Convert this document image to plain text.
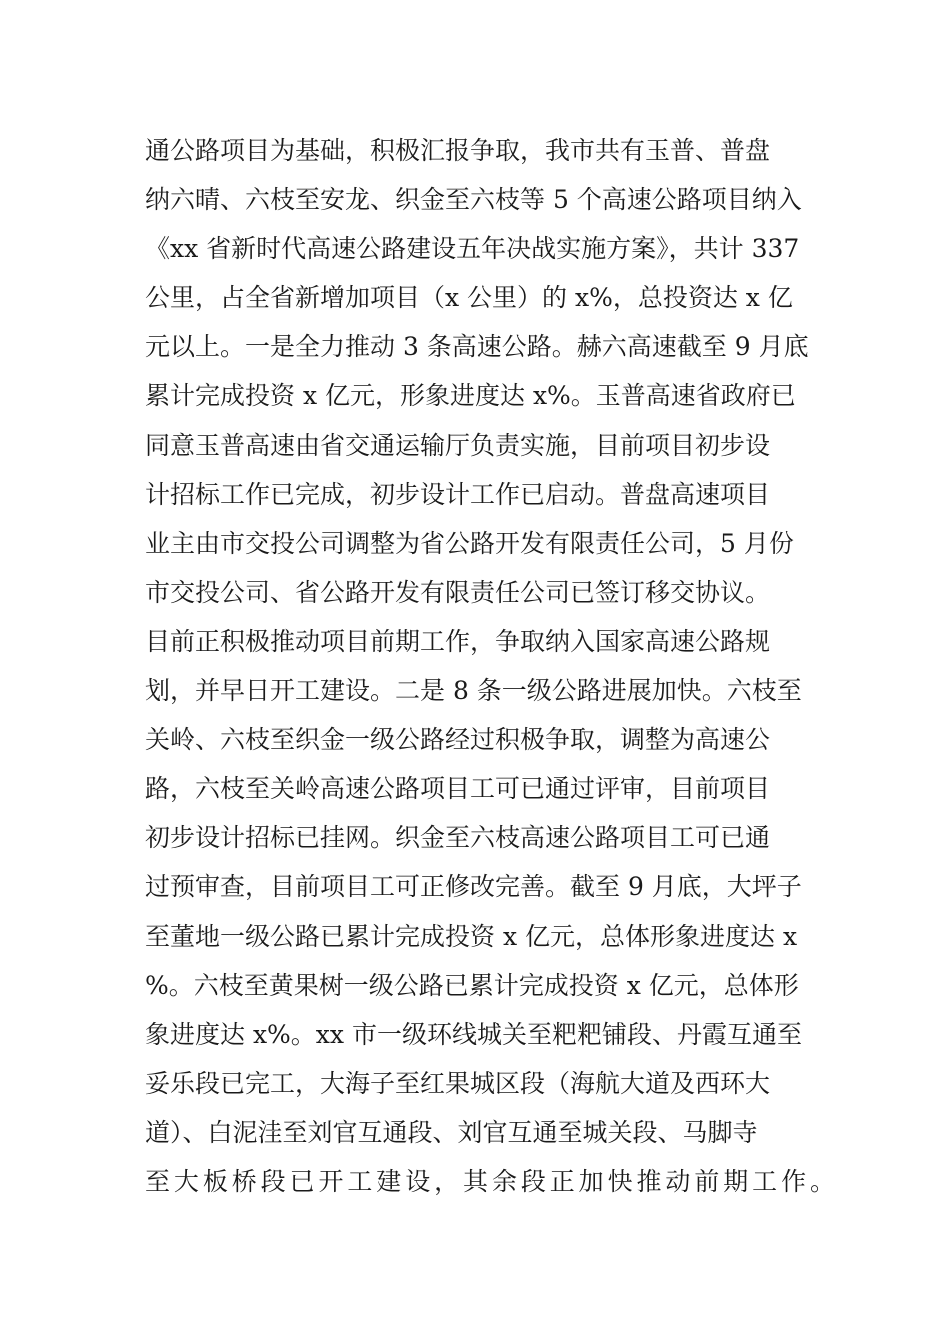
通公路项目为基础，积极汇报争取，我市共有玉普、普盘
纳六晴、六枝至安龙、织金至六枝等 5 个高速公路项目纳入
《xx 省新时代高速公路建设五年决战实施方案》，共计 337
公里，占全省新增加项目（x 公里）的 x%，总投资达 x 亿
元以上。一是全力推动 3 条高速公路。赫六高速截至 9 月底
累计完成投资 x 亿元，形象进度达 x%。玉普高速省政府已
同意玉普高速由省交通运输厅负责实施，目前项目初步设
计招标工作已完成，初步设计工作已启动。普盘高速项目
业主由市交投公司调整为省公路开发有限责任公司，5 月份
市交投公司、省公路开发有限责任公司已签订移交协议。
目前正积极推动项目前期工作，争取纳入国家高速公路规
划，并早日开工建设。二是 8 条一级公路进展加快。六枝至
关岭、六枝至织金一级公路经过积极争取，调整为高速公
路，六枝至关岭高速公路项目工可已通过评审，目前项目
初步设计招标已挂网。织金至六枝高速公路项目工可已通
过预审查，目前项目工可正修改完善。截至 9 月底，大坪子
至董地一级公路已累计完成投资 x 亿元，总体形象进度达 x
%。六枝至黄果树一级公路已累计完成投资 x 亿元，总体形
象进度达 x%。xx 市一级环线城关至粑粑铺段、丹霞互通至
妥乐段已完工，大海子至红果城区段（海航大道及西环大
道）、白泥洼至刘官互通段、刘官互通至城关段、马脚寺
至大板桥段已开工建设，其余段正加快推动前期工作。
